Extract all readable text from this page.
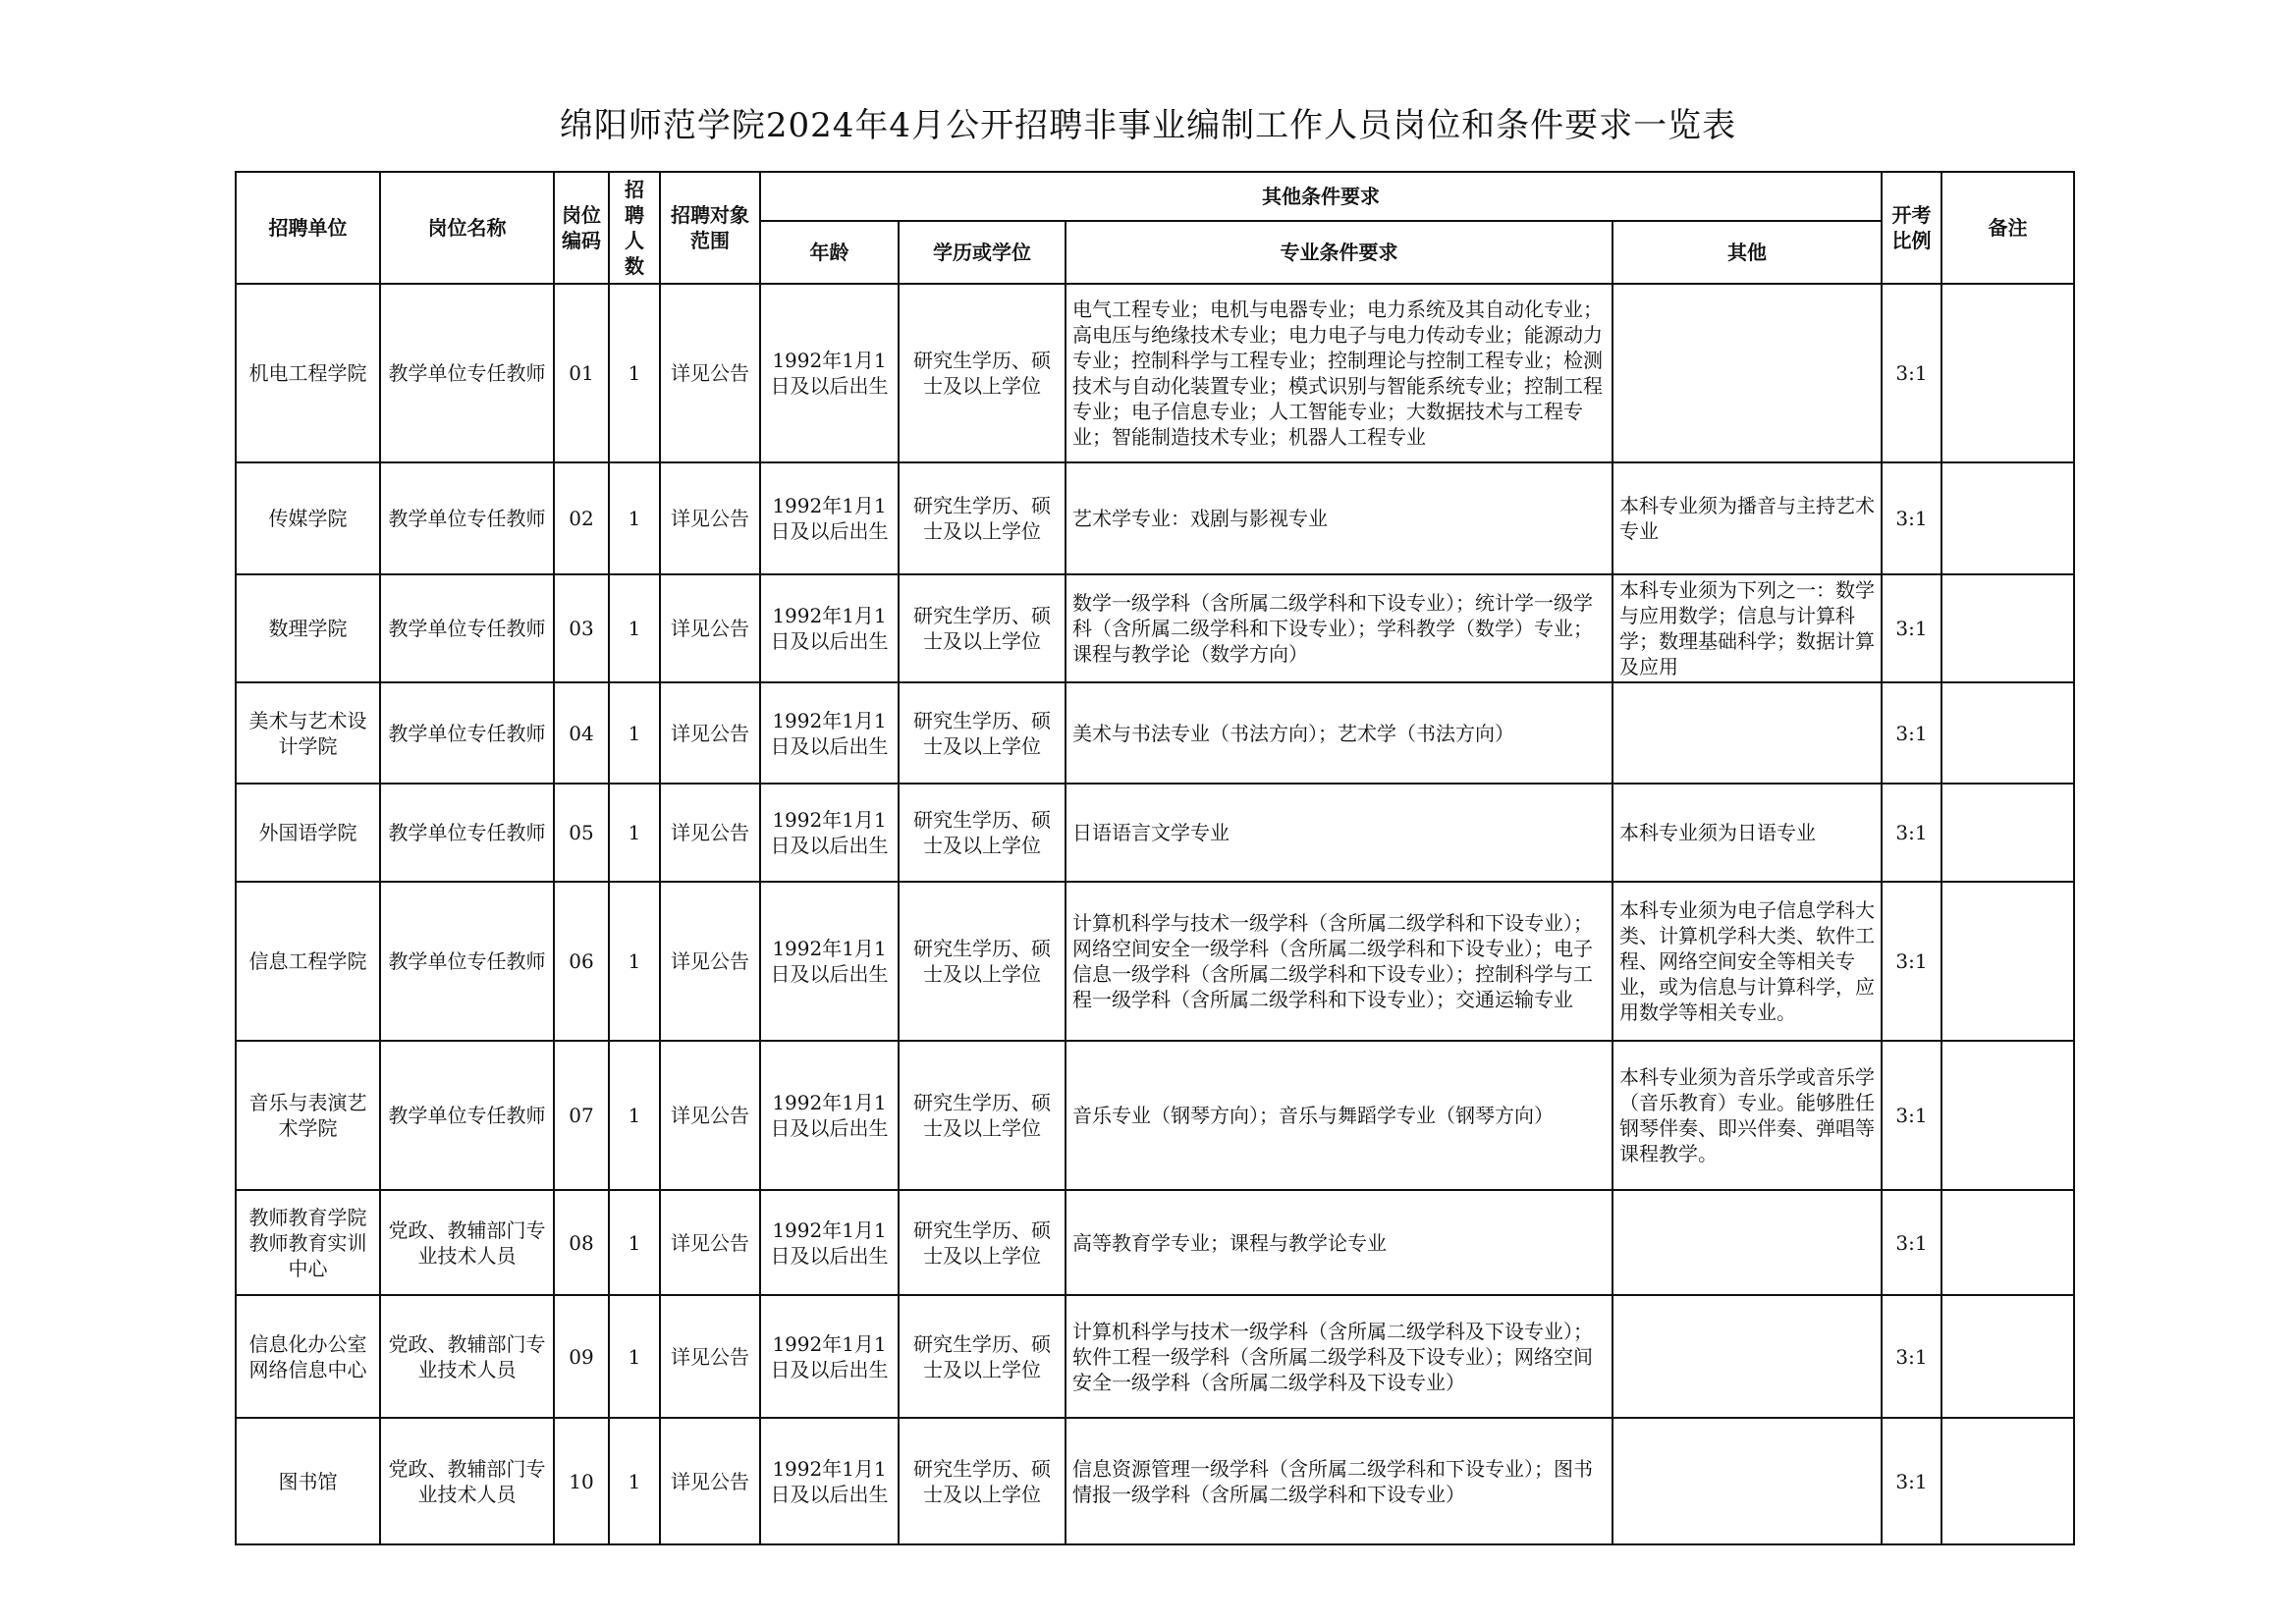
绵阳师范学院2024年4月公开招聘非事业编制工作人员岗位和条件要求一览表
招聘单位	岗位名称	岗位编码	招聘人数	招聘对象范围	其他条件要求				开考比例	备注
					年龄	学历或学位	专业条件要求	其他		
机电工程学院	教学单位专任教师	01	1	详见公告	1992年1月1日及以后出生	研究生学历、硕士及以上学位	电气工程专业；电机与电器专业；电力系统及其自动化专业；高电压与绝缘技术专业；电力电子与电力传动专业；能源动力专业；控制科学与工程专业；控制理论与控制工程专业；检测技术与自动化装置专业；模式识别与智能系统专业；控制工程专业；电子信息专业；人工智能专业；大数据技术与工程专业；智能制造技术专业；机器人工程专业		3:1	
传媒学院	教学单位专任教师	02	1	详见公告	1992年1月1日及以后出生	研究生学历、硕士及以上学位	艺术学专业：戏剧与影视专业	本科专业须为播音与主持艺术专业	3:1	
数理学院	教学单位专任教师	03	1	详见公告	1992年1月1日及以后出生	研究生学历、硕士及以上学位	数学一级学科（含所属二级学科和下设专业）；统计学一级学科（含所属二级学科和下设专业）；学科教学（数学）专业；课程与教学论（数学方向）	本科专业须为下列之一：数学与应用数学；信息与计算科学；数理基础科学；数据计算及应用	3:1	
美术与艺术设计学院	教学单位专任教师	04	1	详见公告	1992年1月1日及以后出生	研究生学历、硕士及以上学位	美术与书法专业（书法方向）；艺术学（书法方向）		3:1	
外国语学院	教学单位专任教师	05	1	详见公告	1992年1月1日及以后出生	研究生学历、硕士及以上学位	日语语言文学专业	本科专业须为日语专业	3:1	
信息工程学院	教学单位专任教师	06	1	详见公告	1992年1月1日及以后出生	研究生学历、硕士及以上学位	计算机科学与技术一级学科（含所属二级学科和下设专业）；网络空间安全一级学科（含所属二级学科和下设专业）；电子信息一级学科（含所属二级学科和下设专业）；控制科学与工程一级学科（含所属二级学科和下设专业）；交通运输专业	本科专业须为电子信息学科大类、计算机学科大类、软件工程、网络空间安全等相关专业，或为信息与计算科学，应用数学等相关专业。	3:1	
音乐与表演艺术学院	教学单位专任教师	07	1	详见公告	1992年1月1日及以后出生	研究生学历、硕士及以上学位	音乐专业（钢琴方向）；音乐与舞蹈学专业（钢琴方向）	本科专业须为音乐学或音乐学（音乐教育）专业。能够胜任钢琴伴奏、即兴伴奏、弹唱等课程教学。	3:1	
教师教育学院教师教育实训中心	党政、教辅部门专业技术人员	08	1	详见公告	1992年1月1日及以后出生	研究生学历、硕士及以上学位	高等教育学专业；课程与教学论专业		3:1	
信息化办公室网络信息中心	党政、教辅部门专业技术人员	09	1	详见公告	1992年1月1日及以后出生	研究生学历、硕士及以上学位	计算机科学与技术一级学科（含所属二级学科及下设专业）；软件工程一级学科（含所属二级学科及下设专业）；网络空间安全一级学科（含所属二级学科及下设专业）		3:1	
图书馆	党政、教辅部门专业技术人员	10	1	详见公告	1992年1月1日及以后出生	研究生学历、硕士及以上学位	信息资源管理一级学科（含所属二级学科和下设专业）；图书情报一级学科（含所属二级学科和下设专业）		3:1	
